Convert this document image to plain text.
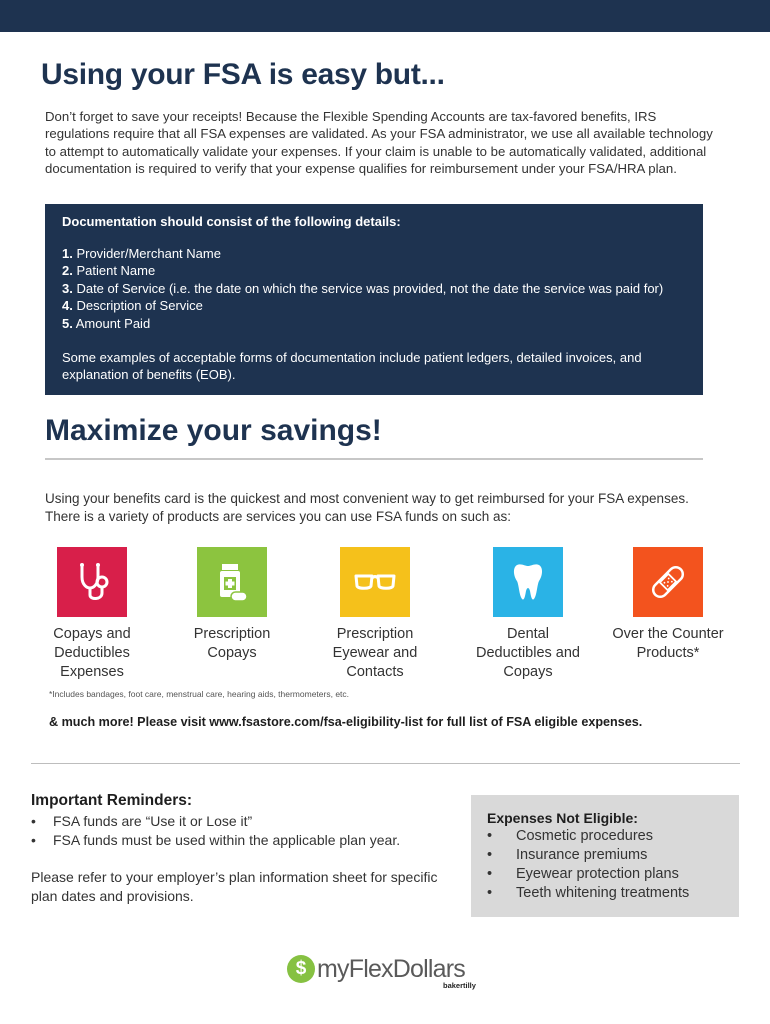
Using your FSA is easy but...

Don’t forget to save your receipts! Because the Flexible Spending Accounts are tax-favored benefits, IRS regulations require that all FSA expenses are validated. As your FSA administrator, we use all available technology to attempt to automatically validate your expenses. If your claim is unable to be automatically validated, additional documentation is required to verify that your expense qualifies for reimbursement under your FSA/HRA plan.

Documentation should consist of the following details:
1. Provider/Merchant Name
2. Patient Name
3. Date of Service (i.e. the date on which the service was provided, not the date the service was paid for)
4. Description of Service
5. Amount Paid

Some examples of acceptable forms of documentation include patient ledgers, detailed invoices, and explanation of benefits (EOB).

Maximize your savings!

Using your benefits card is the quickest and most convenient way to get reimbursed for your FSA expenses. There is a variety of products are services you can use FSA funds on such as:

Copays and Deductibles Expenses
Prescription Copays
Prescription Eyewear and Contacts
Dental Deductibles and Copays
Over the Counter Products*

*Includes bandages, foot care, menstrual care, hearing aids, thermometers, etc.

& much more! Please visit www.fsastore.com/fsa-eligibility-list for full list of FSA eligible expenses.

Important Reminders:
• FSA funds are “Use it or Lose it”
• FSA funds must be used within the applicable plan year.

Please refer to your employer’s plan information sheet for specific plan dates and provisions.

Expenses Not Eligible:
• Cosmetic procedures
• Insurance premiums
• Eyewear protection plans
• Teeth whitening treatments
$ myFlexDollars
bakertilly
